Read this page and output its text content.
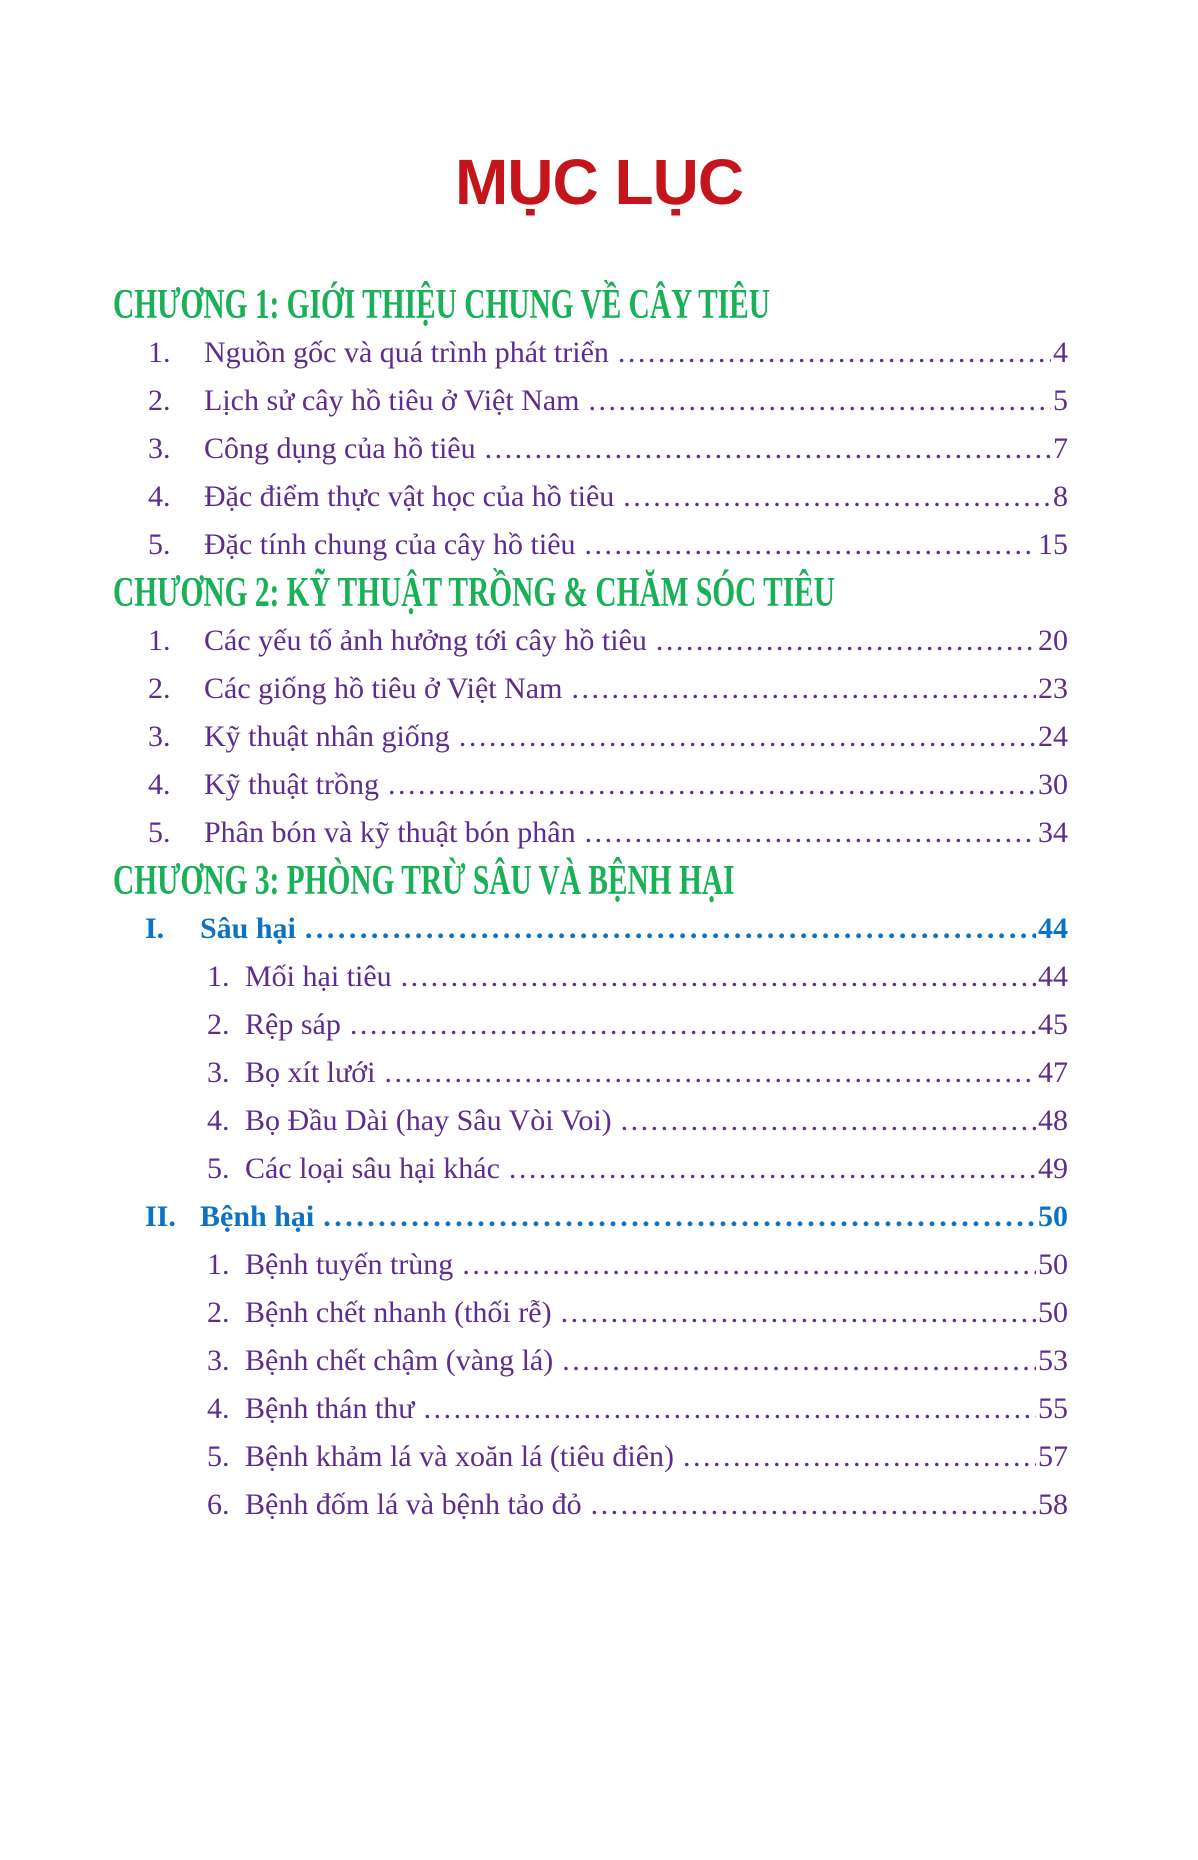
MỤC LỤC
CHƯƠNG 1: GIỚI THIỆU CHUNG VỀ CÂY TIÊU
1.	Nguồn gốc và quá trình phát triển .....	4
2.	Lịch sử cây hồ tiêu ở Việt Nam .....	5
3.	Công dụng của hồ tiêu .....	7
4.	Đặc điểm thực vật học của hồ tiêu .....	8
5.	Đặc tính chung của cây hồ tiêu .....	15
CHƯƠNG 2: KỸ THUẬT TRỒNG & CHĂM SÓC TIÊU
1.	Các yếu tố ảnh hưởng tới cây hồ tiêu .....	20
2.	Các giống hồ tiêu ở Việt Nam .....	23
3.	Kỹ thuật nhân giống .....	24
4.	Kỹ thuật trồng .....	30
5.	Phân bón và kỹ thuật bón phân .....	34
CHƯƠNG 3: PHÒNG TRỪ SÂU VÀ BỆNH HẠI
I.	Sâu hại .....	44
1. Mối hại tiêu .....	44
2. Rệp sáp .....	45
3. Bọ xít lưới .....	47
4. Bọ Đầu Dài (hay Sâu Vòi Voi) .....	48
5. Các loại sâu hại khác .....	49
II. Bệnh hại .....	50
1. Bệnh tuyến trùng .....	50
2. Bệnh chết nhanh (thối rễ) .....	50
3. Bệnh chết chậm (vàng lá) .....	53
4. Bệnh thán thư .....	55
5. Bệnh khảm lá và xoăn lá (tiêu điên) .....	57
6. Bệnh đốm lá và bệnh tảo đỏ .....	58
